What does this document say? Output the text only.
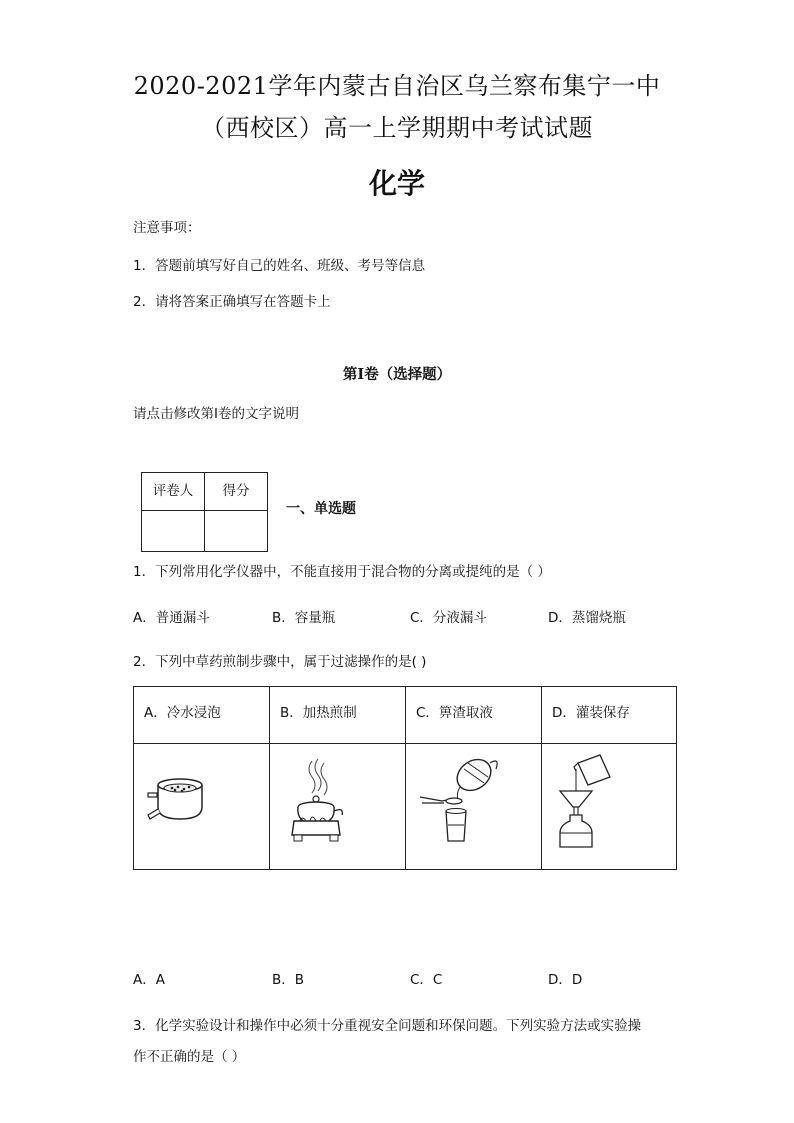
2020-2021学年内蒙古自治区乌兰察布集宁一中
（西校区）高一上学期期中考试试题
化学
注意事项：
1．答题前填写好自己的姓名、班级、考号等信息
2．请将答案正确填写在答题卡上
第I卷（选择题）
请点击修改第I卷的文字说明
评卷人	得分

一、单选题
1．下列常用化学仪器中，不能直接用于混合物的分离或提纯的是（ ）
A．普通漏斗	B．容量瓶	C．分液漏斗	D．蒸馏烧瓶
2．下列中草药煎制步骤中，属于过滤操作的是( )
A．冷水浸泡	B．加热煎制	C．箅渣取液	D．灌装保存
A．A	B．B	C．C	D．D
3．化学实验设计和操作中必须十分重视安全问题和环保问题。下列实验方法或实验操
作不正确的是（ ）
